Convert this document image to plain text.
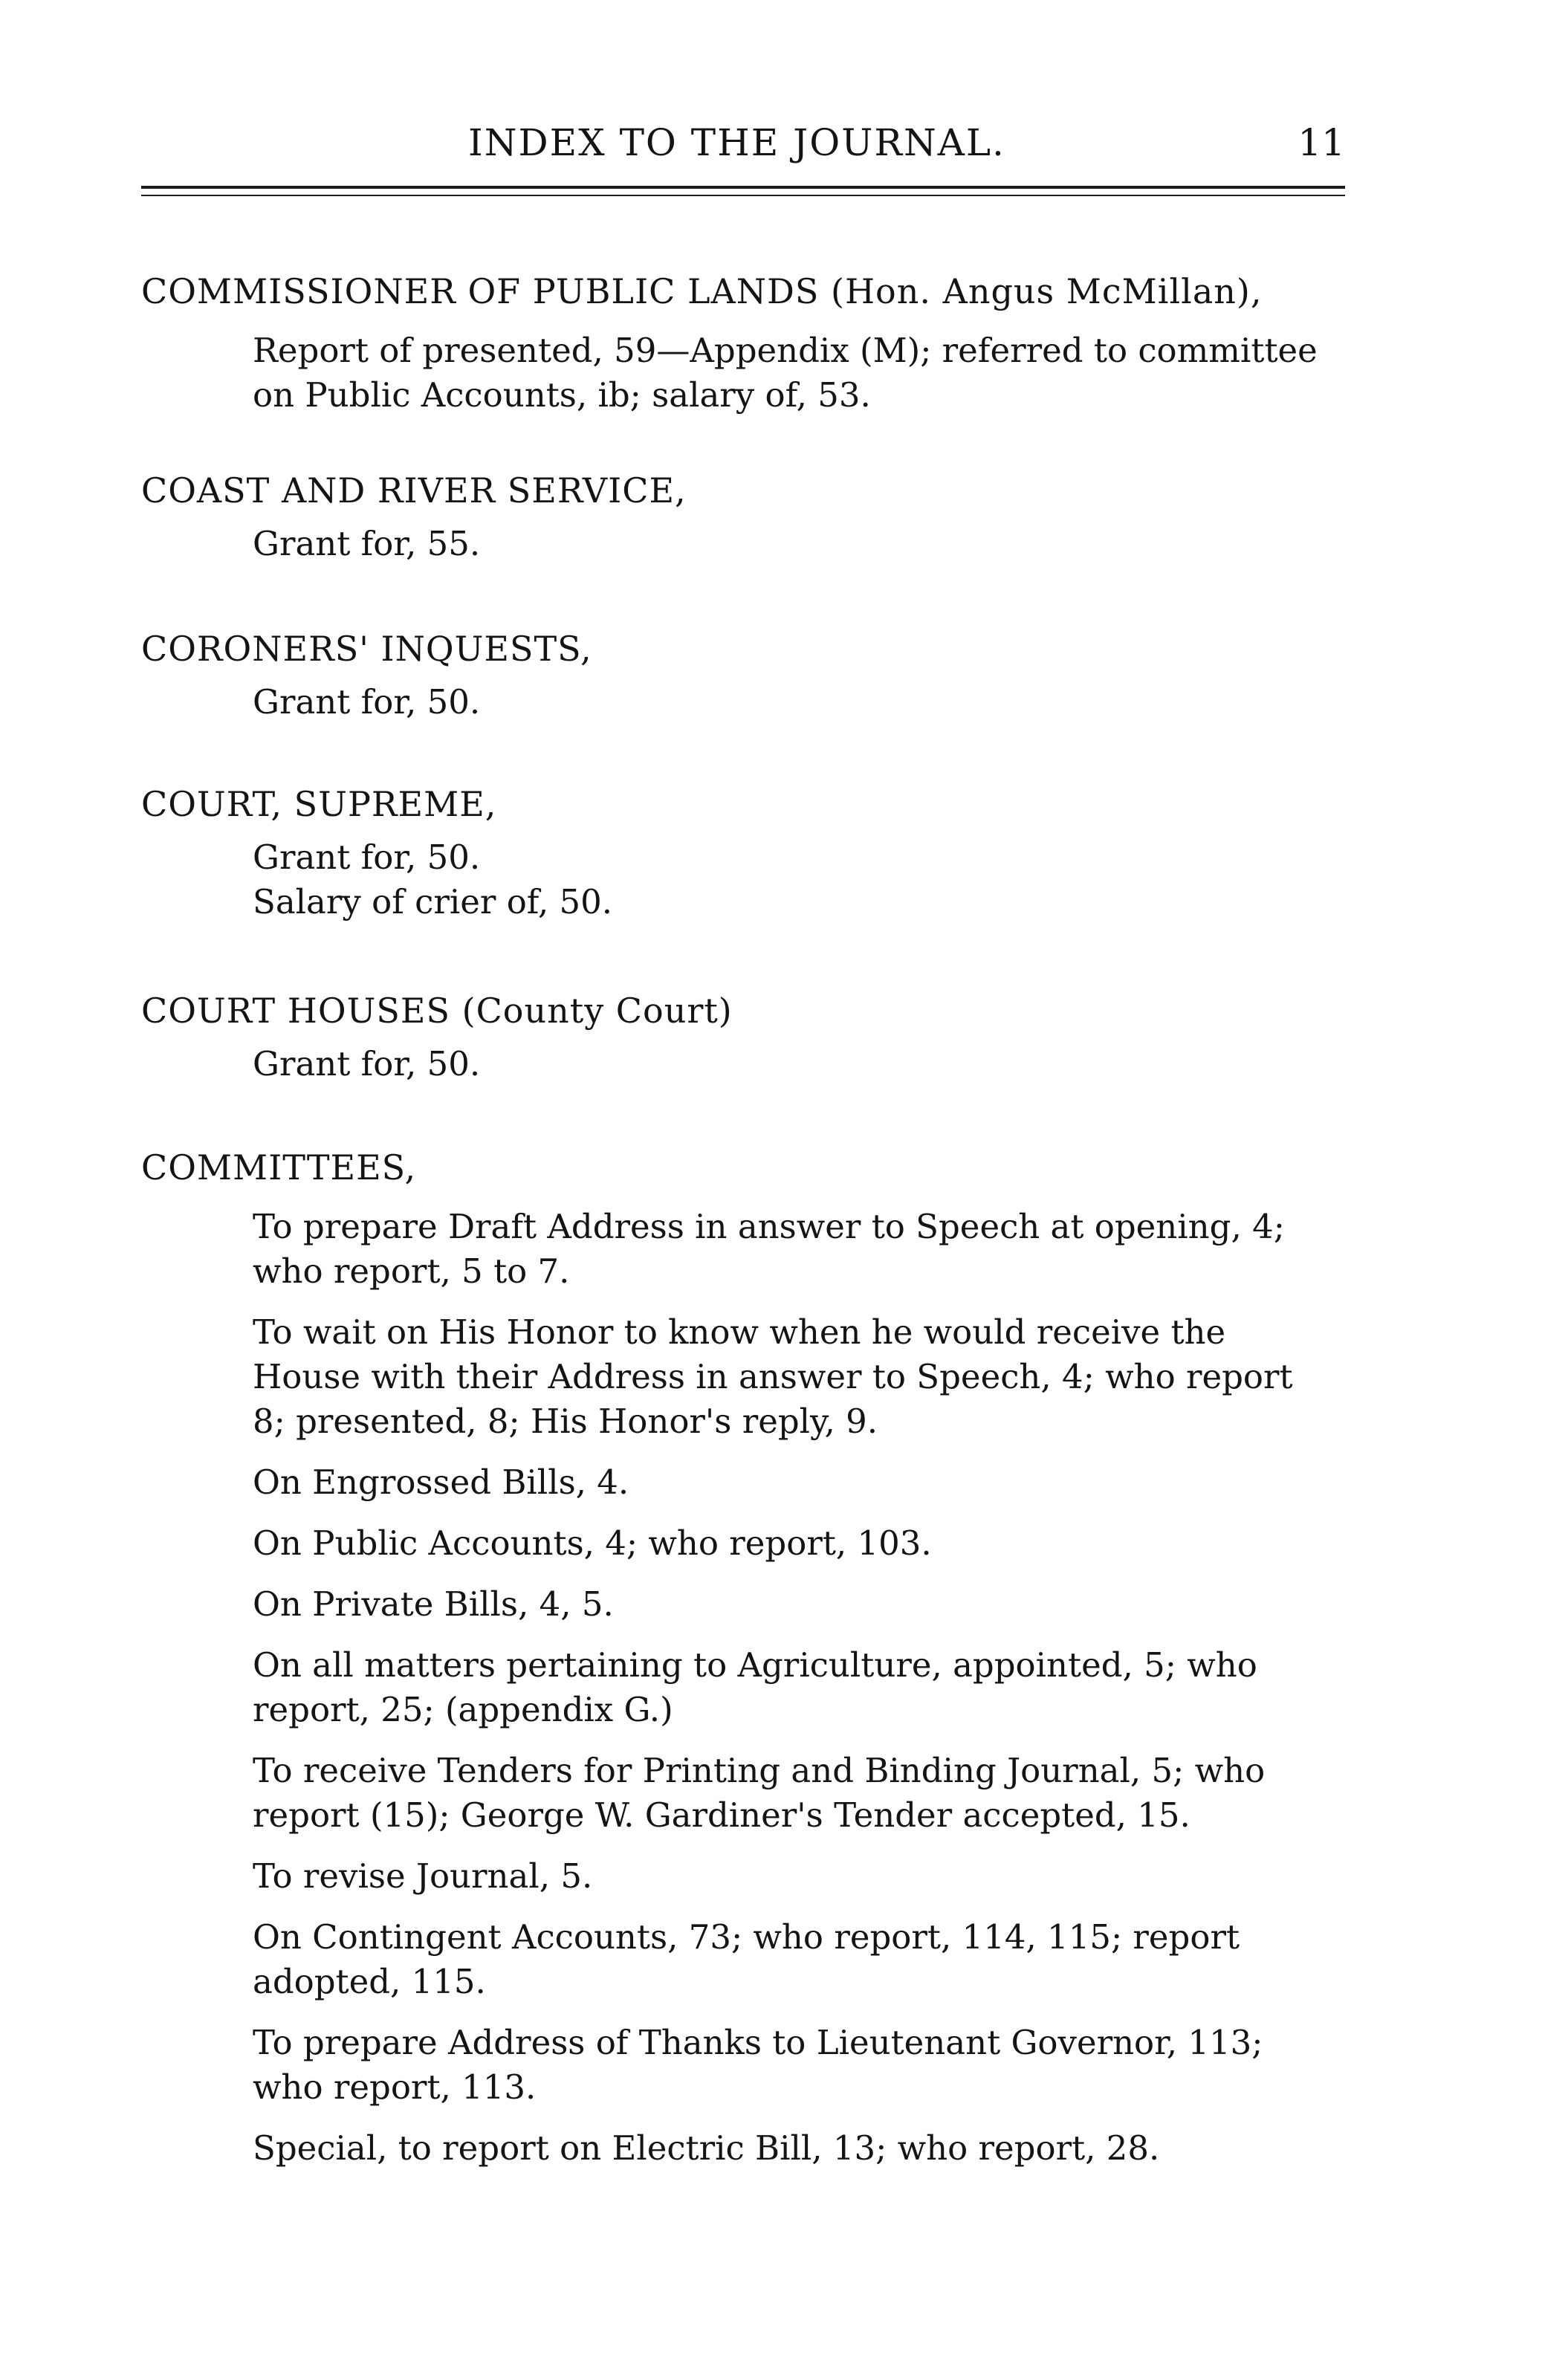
INDEX TO THE JOURNAL.	11
COMMISSIONER OF PUBLIC LANDS (Hon. Angus McMillan),
Report of presented, 59—Appendix (M); referred to committee
on Public Accounts, ib; salary of, 53.
COAST AND RIVER SERVICE,
Grant for, 55.
CORONERS' INQUESTS,
Grant for, 50.
COURT, SUPREME,
Grant for, 50.
Salary of crier of, 50.
COURT HOUSES (County Court)
Grant for, 50.
COMMITTEES,
To prepare Draft Address in answer to Speech at opening, 4;
who report, 5 to 7.
To wait on His Honor to know when he would receive the
House with their Address in answer to Speech, 4; who report
8; presented, 8; His Honor's reply, 9.
On Engrossed Bills, 4.
On Public Accounts, 4; who report, 103.
On Private Bills, 4, 5.
On all matters pertaining to Agriculture, appointed, 5; who
report, 25; (appendix G.)
To receive Tenders for Printing and Binding Journal, 5; who
report (15); George W. Gardiner's Tender accepted, 15.
To revise Journal, 5.
On Contingent Accounts, 73; who report, 114, 115; report
adopted, 115.
To prepare Address of Thanks to Lieutenant Governor, 113;
who report, 113.
Special, to report on Electric Bill, 13; who report, 28.
